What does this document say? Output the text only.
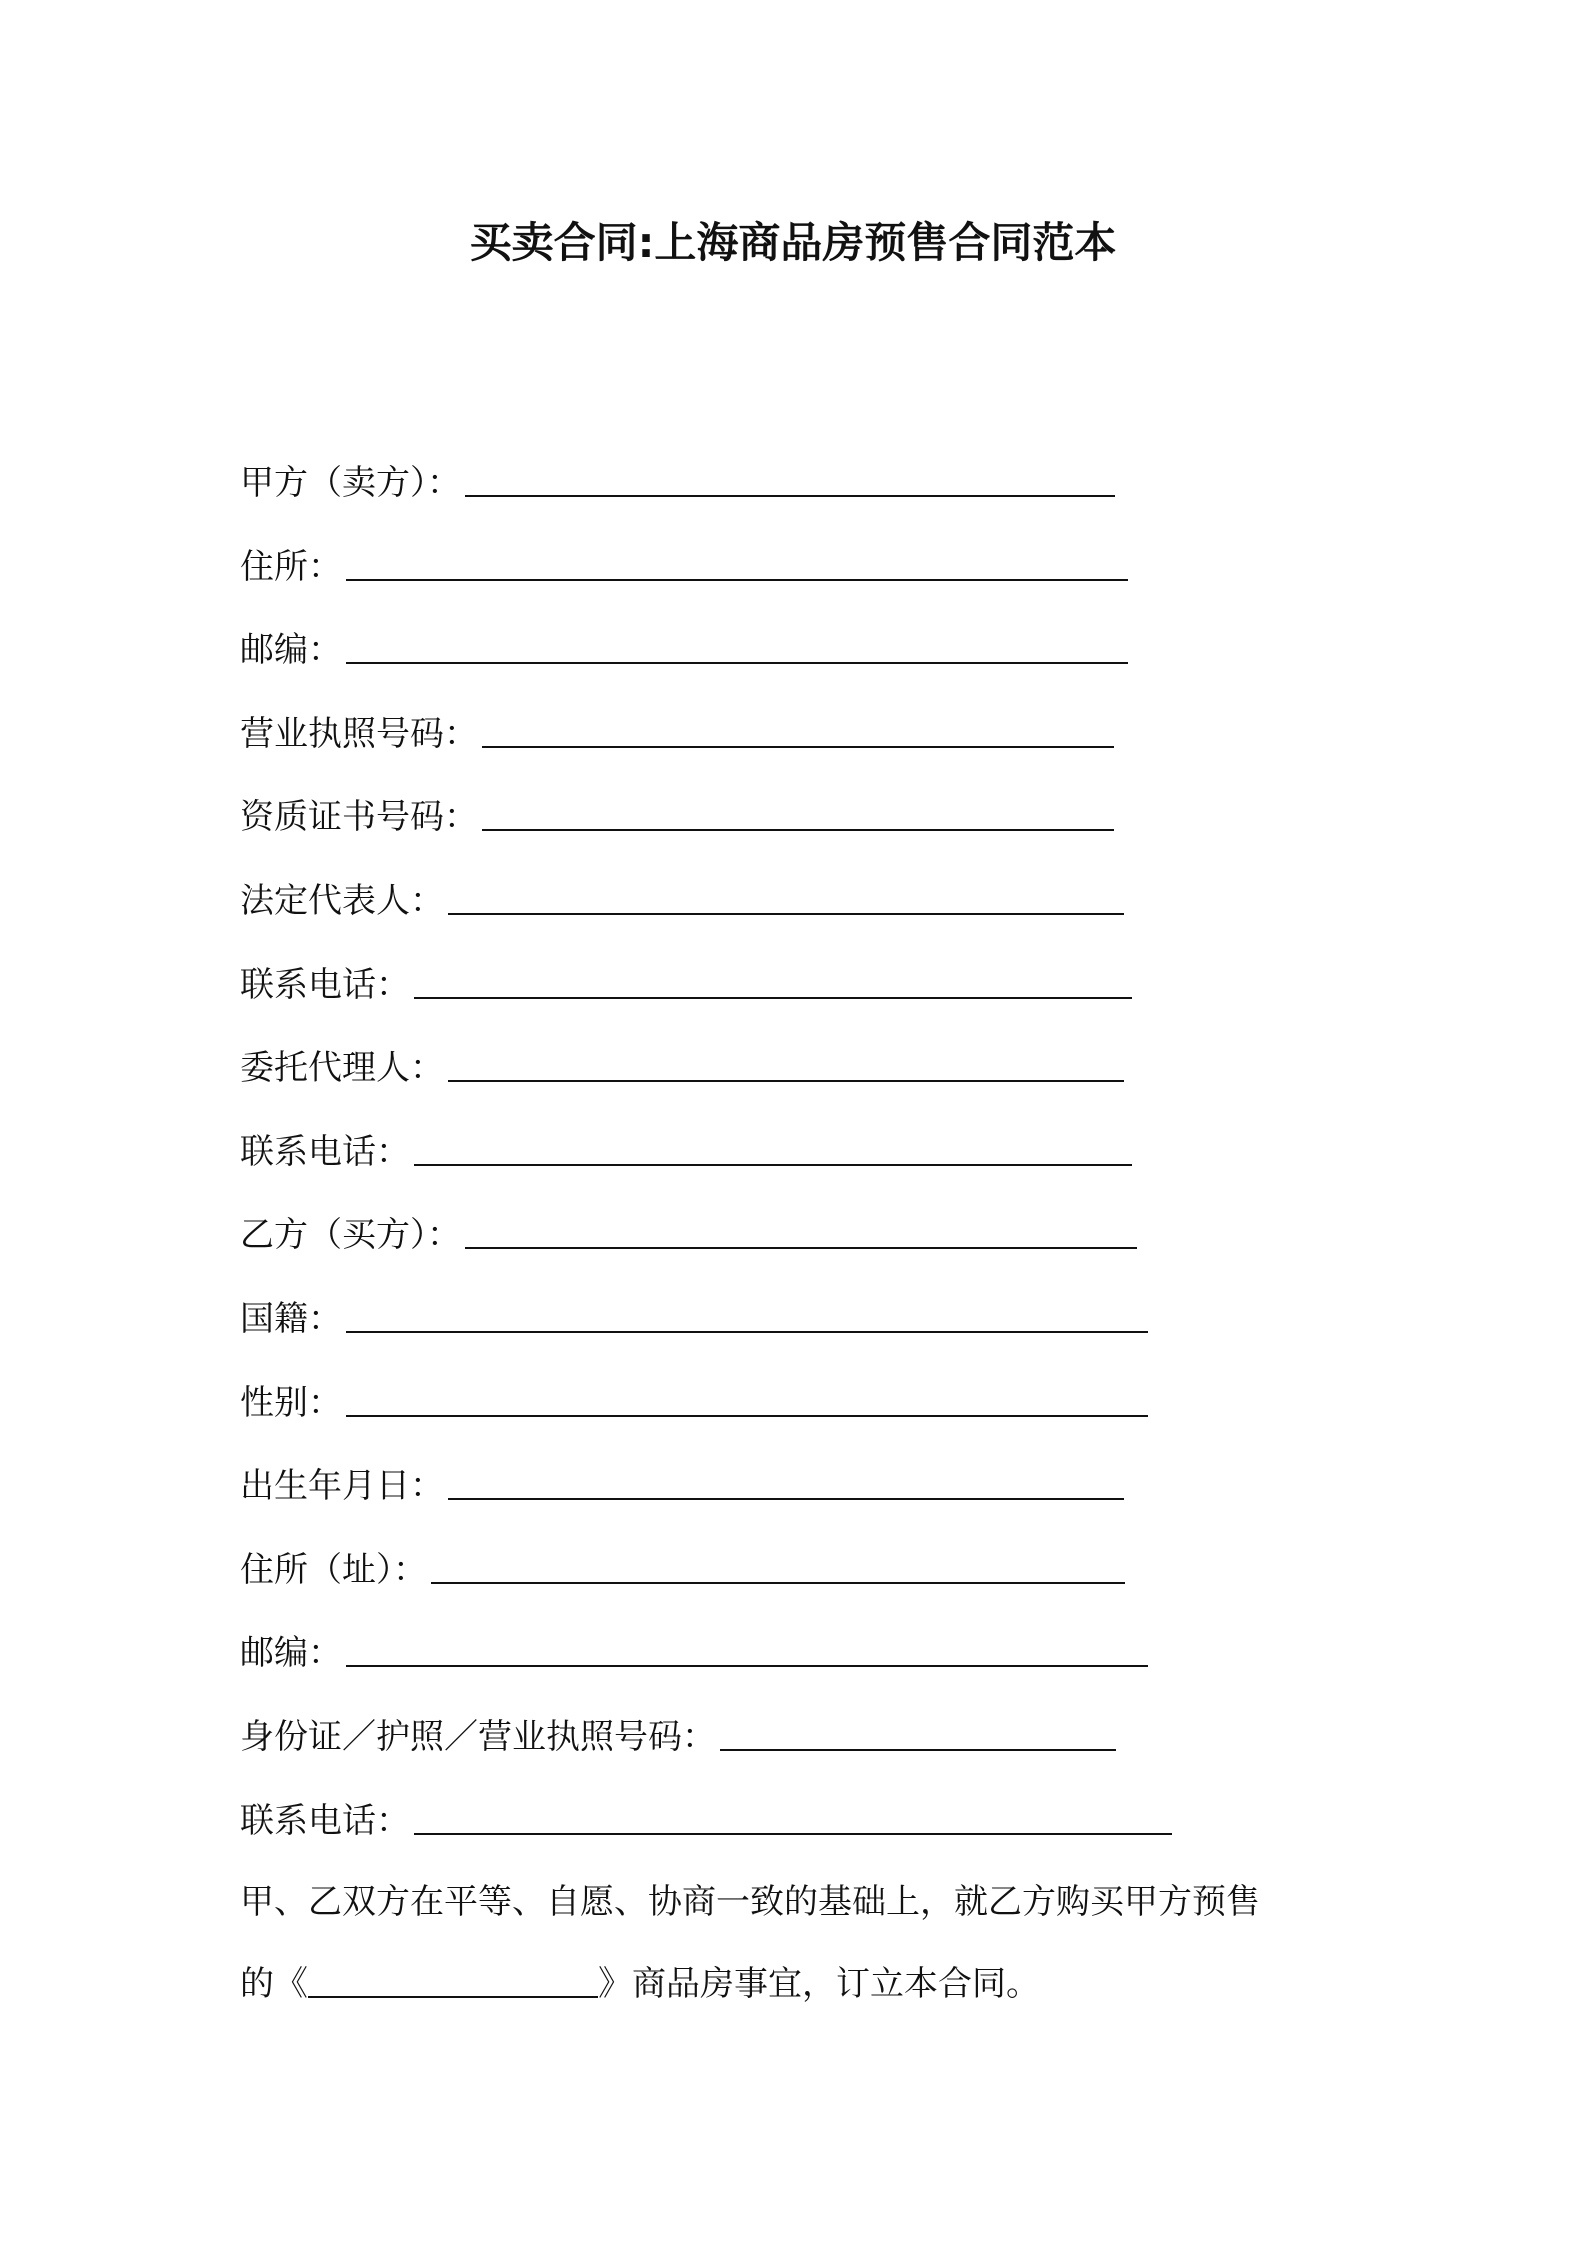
买卖合同:上海商品房预售合同范本
甲方（卖方）：
住所：
邮编：
营业执照号码：
资质证书号码：
法定代表人：
联系电话：
委托代理人：
联系电话：
乙方（买方）：
国籍：
性别：
出生年月日：
住所（址）：
邮编：
身份证／护照／营业执照号码：
联系电话：
甲、乙双方在平等、自愿、协商一致的基础上，就乙方购买甲方预售
的《	》商品房事宜，订立本合同。
